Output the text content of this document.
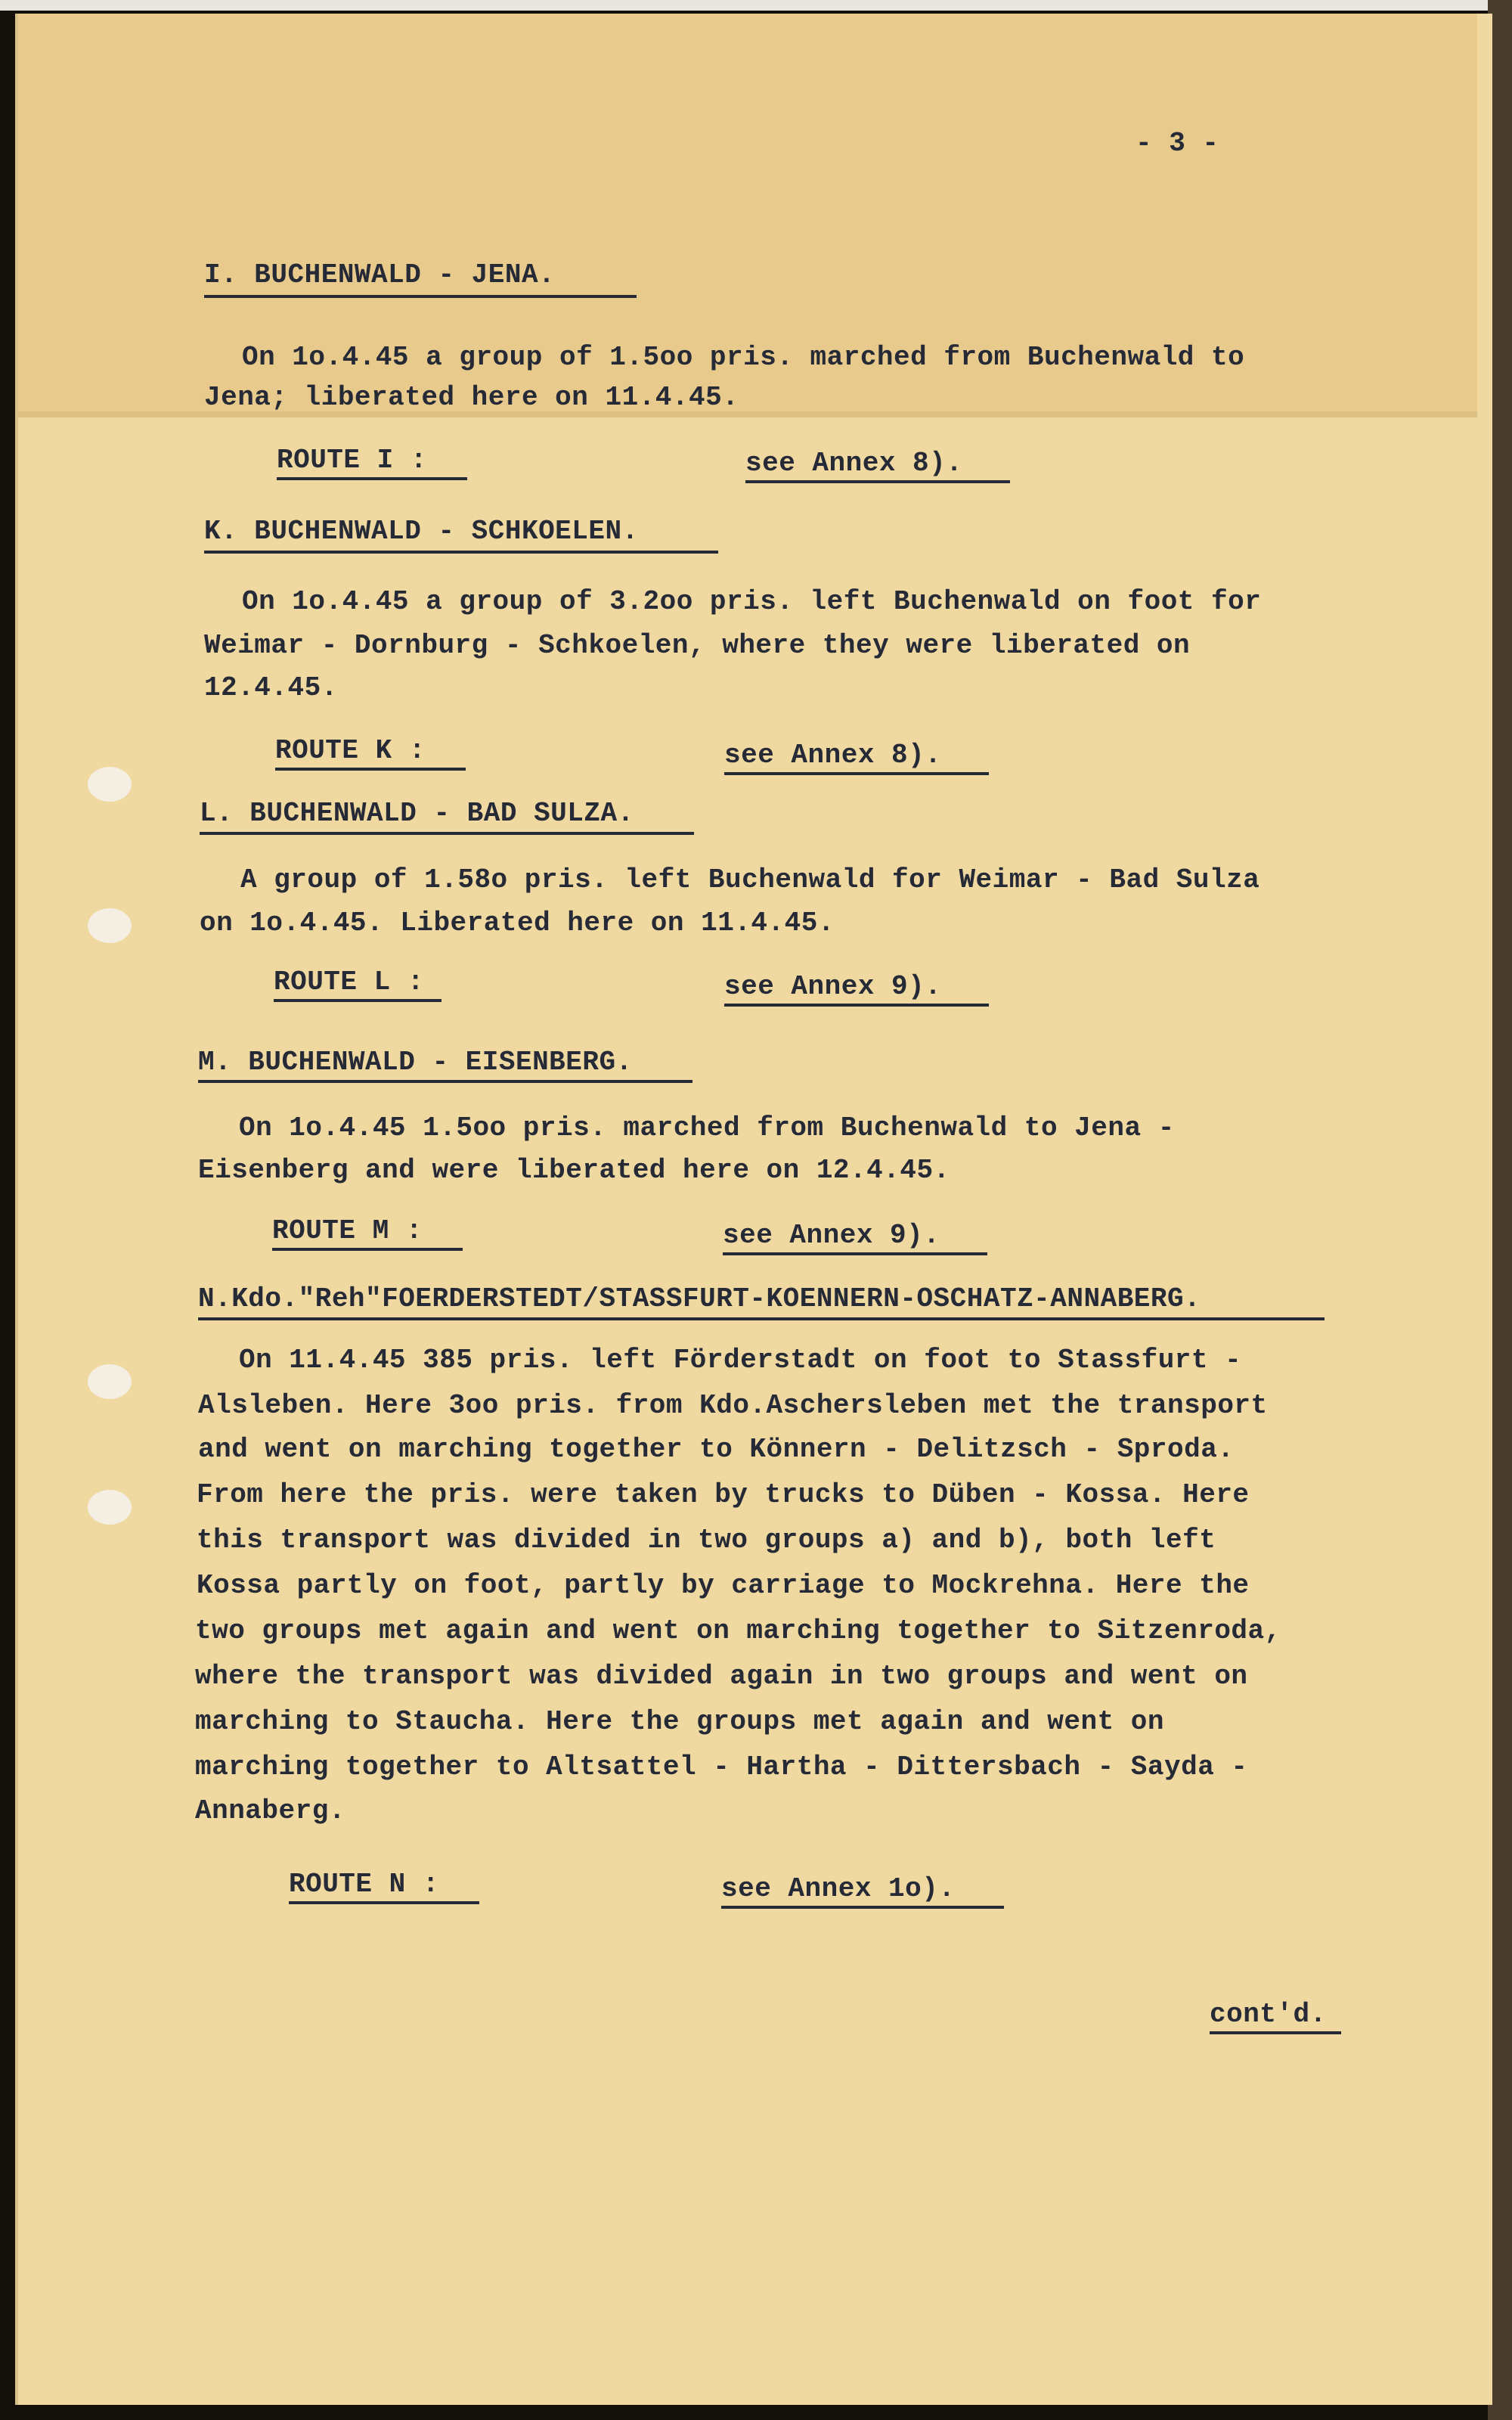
- 3 -

I. BUCHENWALD - JENA.

On 1o.4.45 a group of 1.5oo pris. marched from Buchenwald to

Jena; liberated here on 11.4.45.

ROUTE I :	see Annex 8).

K. BUCHENWALD - SCHKOELEN.

On 1o.4.45 a group of 3.2oo pris. left Buchenwald on foot for

Weimar - Dornburg - Schkoelen, where they were liberated on

12.4.45.

ROUTE K :	see Annex 8).

L. BUCHENWALD - BAD SULZA.

A group of 1.58o pris. left Buchenwald for Weimar - Bad Sulza

on 1o.4.45. Liberated here on 11.4.45.

ROUTE L :	see Annex 9).

M. BUCHENWALD - EISENBERG.

On 1o.4.45 1.5oo pris. marched from Buchenwald to Jena -

Eisenberg and were liberated here on 12.4.45.

ROUTE M :	see Annex 9).

N.Kdo."Reh"FOERDERSTEDT/STASSFURT-KOENNERN-OSCHATZ-ANNABERG.

On 11.4.45 385 pris. left Förderstadt on foot to Stassfurt -

Alsleben. Here 3oo pris. from Kdo.Aschersleben met the transport

and went on marching together to Könnern - Delitzsch - Sproda.

From here the pris. were taken by trucks to Düben - Kossa. Here

this transport was divided in two groups a) and b), both left

Kossa partly on foot, partly by carriage to Mockrehna. Here the

two groups met again and went on marching together to Sitzenroda,

where the transport was divided again in two groups and went on

marching to Staucha. Here the groups met again and went on

marching together to Altsattel - Hartha - Dittersbach - Sayda -

Annaberg.

ROUTE N :	see Annex 1o).

cont'd.
